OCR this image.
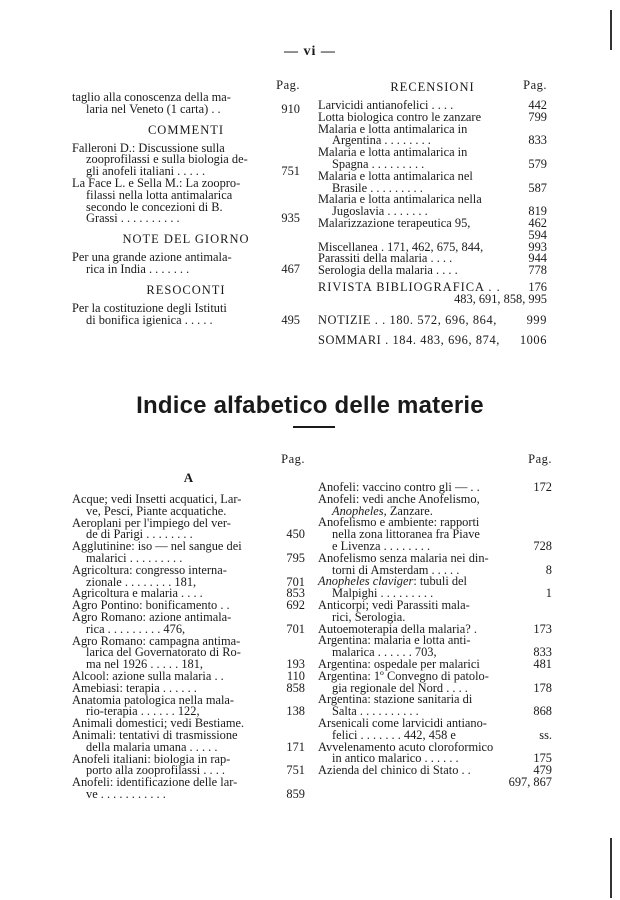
— vi —
Pag.
taglio alla conoscenza della ma-
laria nel Veneto (1 carta) . .	910
COMMENTI
Falleroni D.: Discussione sulla
zooprofilassi e sulla biologia de-
gli anofeli italiani . . . . .	751
La Face L. e Sella M.: La zoopro-
filassi nella lotta antimalarica
secondo le concezioni di B.
Grassi . . . . . . . . . .	935
NOTE DEL GIORNO
Per una grande azione antimala-
rica in India . . . . . . .	467
RESOCONTI
Per la costituzione degli Istituti
di bonifica igienica . . . . .	495
Pag.
RECENSIONI
Larvicidi antianofelici . . . .	442
Lotta biologica contro le zanzare	799
Malaria e lotta antimalarica in
Argentina . . . . . . . .	833
Malaria e lotta antimalarica in
Spagna . . . . . . . . .	579
Malaria e lotta antimalarica nel
Brasile . . . . . . . . .	587
Malaria e lotta antimalarica nella
Jugoslavia . . . . . . .	819
Malarizzazione terapeutica 95,	462
594
Miscellanea . 171, 462, 675, 844,	993
Parassiti della malaria . . . .	944
Serologia della malaria . . . .	778
RIVISTA BIBLIOGRAFICA . . 176
483, 691, 858, 995
NOTIZIE . . 180. 572, 696, 864, 999
SOMMARI . 184. 483, 696, 874, 1006
Indice alfabetico delle materie
Pag.
A
Acque; vedi Insetti acquatici, Lar-
ve, Pesci, Piante acquatiche.
Aeroplani per l'impiego del ver-
de di Parigi . . . . . . . .	450
Agglutinine: iso — nel sangue dei
malarici . . . . . . . . .	795
Agricoltura: congresso interna-
zionale . . . . . . . . 181,	701
Agricoltura e malaria . . . .	853
Agro Pontino: bonificamento . .	692
Agro Romano: azione antimala-
rica . . . . . . . . . 476,	701
Agro Romano: campagna antima-
larica del Governatorato di Ro-
ma nel 1926 . . . . . 181,	193
Alcool: azione sulla malaria . .	110
Amebiasi: terapia . . . . . .	858
Anatomia patologica nella mala-
rio-terapia . . . . . . 122,	138
Animali domestici; vedi Bestiame.
Animali: tentativi di trasmissione
della malaria umana . . . . .	171
Anofeli italiani: biologia in rap-
porto alla zooprofilassi . . . .	751
Anofeli: identificazione delle lar-
ve . . . . . . . . . . .	859
Pag.
Anofeli: vaccino contro gli — . .	172
Anofeli: vedi anche Anofelismo,
Anopheles, Zanzare.
Anofelismo e ambiente: rapporti
nella zona littoranea fra Piave
e Livenza . . . . . . . .	728
Anofelismo senza malaria nei din-
torni di Amsterdam . . . . .	8
Anopheles claviger: tubuli del
Malpighi . . . . . . . . .	1
Anticorpi; vedi Parassiti mala-
rici, Serologia.
Autoemoterapia della malaria? .	173
Argentina: malaria e lotta anti-
malarica . . . . . . 703,	833
Argentina: ospedale per malarici	481
Argentina: 1º Convegno di patolo-
gia regionale del Nord . . . .	178
Argentina: stazione sanitaria di
Salta . . . . . . . . . .	868
Arsenicali come larvicidi antiano-
felici . . . . . . . 442, 458 e	ss.
Avvelenamento acuto cloroformico
in antico malarico . . . . . .	175
Azienda del chinico di Stato . .	479
697, 867
